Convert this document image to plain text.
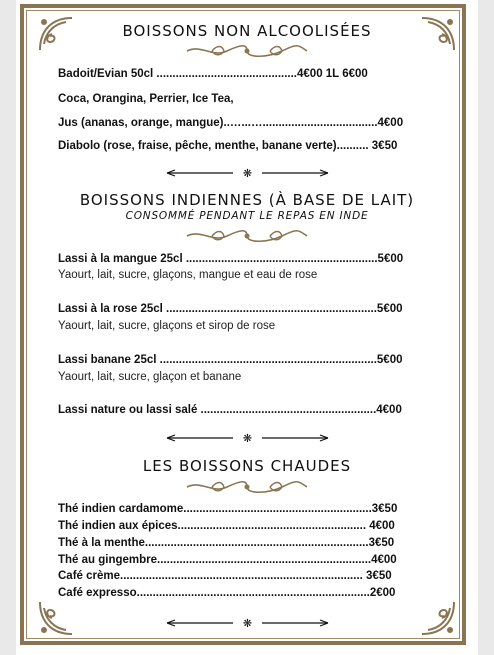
BOISSONS NON ALCOOLISÉES
Badoit/Evian 50cl ............................................4€00 1L 6€00
Coca, Orangina, Perrier, Ice Tea,
Jus (ananas, orange, mangue)..…...…....................................4€00
Diabolo (rose, fraise, pêche, menthe, banane verte).......... 3€50
❋
BOISSONS INDIENNES (À BASE DE LAIT)
CONSOMMÉ PENDANT LE REPAS EN INDE
Lassi à la mangue 25cl ............................................................5€00
Yaourt, lait, sucre, glaçons, mangue et eau de rose
Lassi à la rose 25cl ..................................................................5€00
Yaourt, lait, sucre, glaçons et sirop de rose
Lassi banane 25cl ....................................................................5€00
Yaourt, lait, sucre, glaçon et banane
Lassi nature ou lassi salé .......................................................4€00
❋
LES BOISSONS CHAUDES
Thé indien cardamome...........................................................3€50
Thé indien aux épices........................................................... 4€00
Thé à la menthe......................................................................3€50
Thé au gingembre...................................................................4€00
Café crème............................................................................ 3€50
Café expresso.........................................................................2€00
❋
